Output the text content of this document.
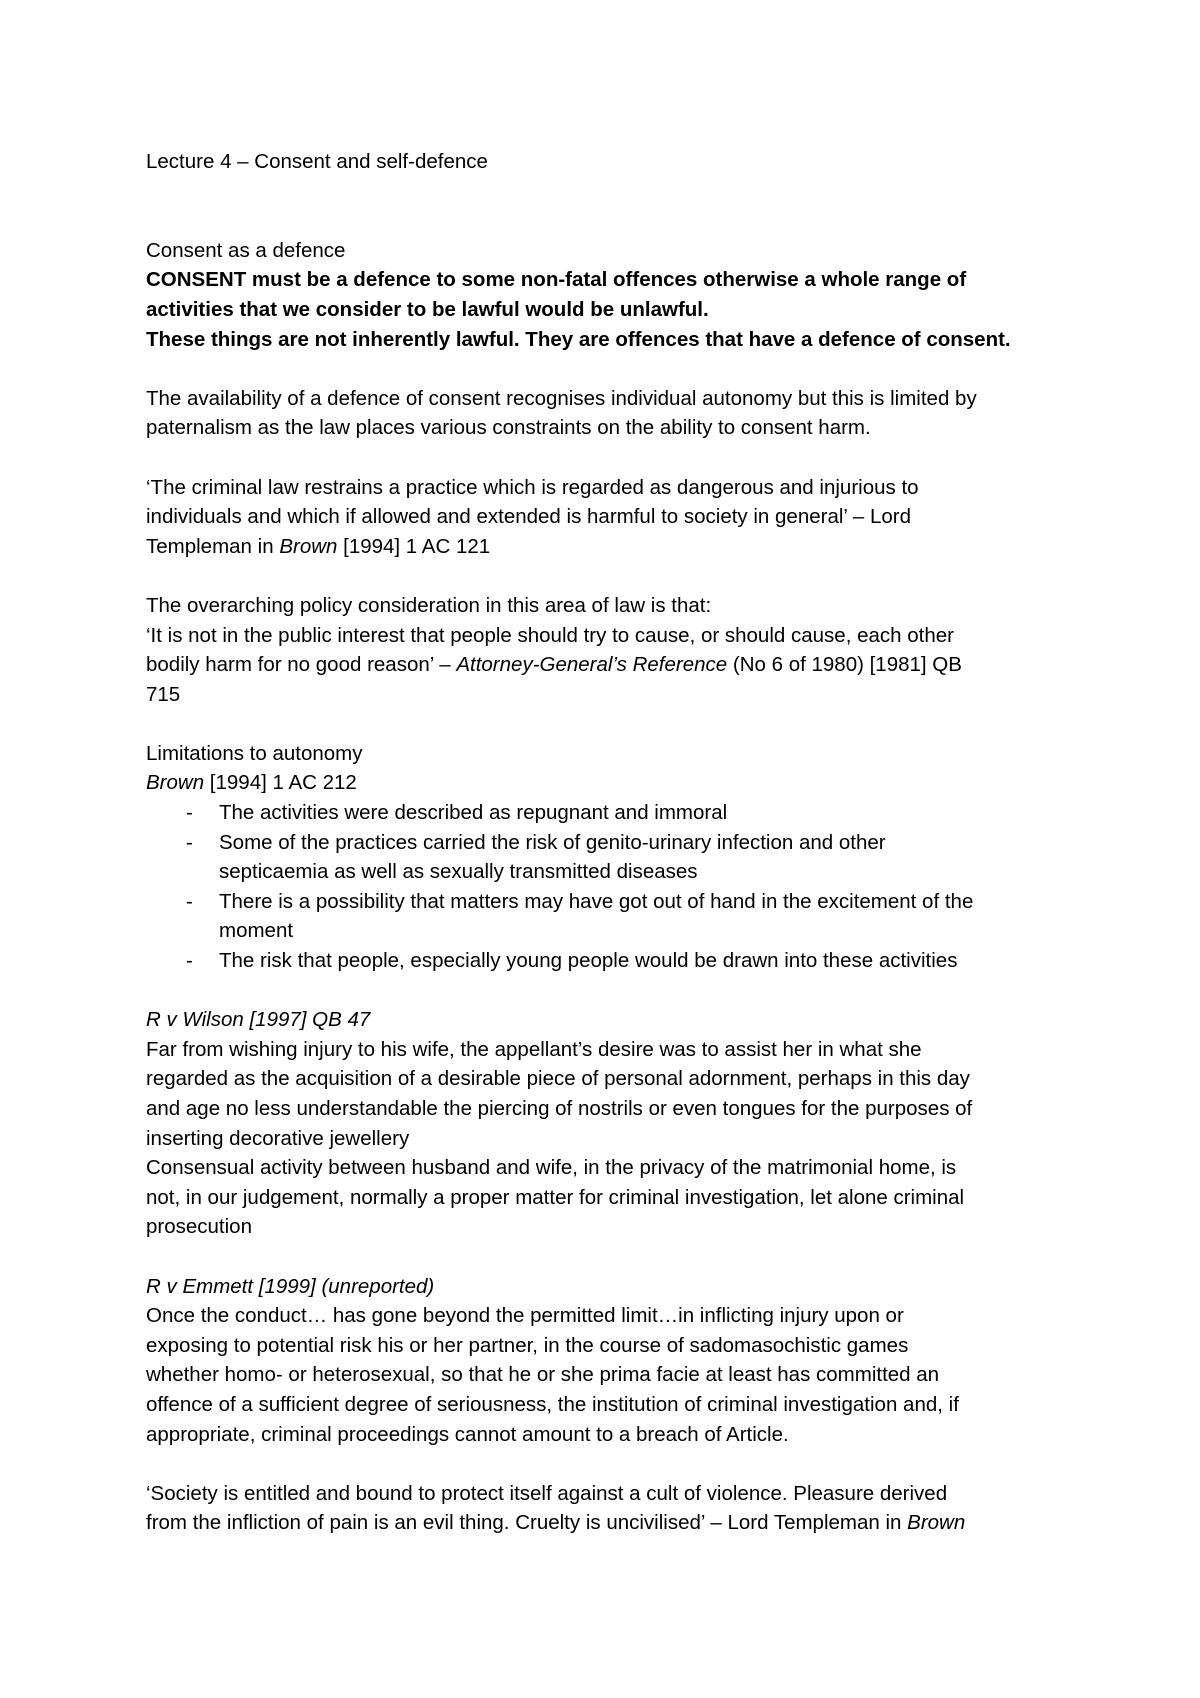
Lecture 4 – Consent and self-defence
Consent as a defence
CONSENT must be a defence to some non-fatal offences otherwise a whole range of
activities that we consider to be lawful would be unlawful.
These things are not inherently lawful. They are offences that have a defence of consent.
The availability of a defence of consent recognises individual autonomy but this is limited by
paternalism as the law places various constraints on the ability to consent harm.
‘The criminal law restrains a practice which is regarded as dangerous and injurious to
individuals and which if allowed and extended is harmful to society in general’ – Lord
Templeman in Brown [1994] 1 AC 121
The overarching policy consideration in this area of law is that:
‘It is not in the public interest that people should try to cause, or should cause, each other
bodily harm for no good reason’ – Attorney-General’s Reference (No 6 of 1980) [1981] QB
715
Limitations to autonomy
Brown [1994] 1 AC 212
- The activities were described as repugnant and immoral
- Some of the practices carried the risk of genito-urinary infection and other
septicaemia as well as sexually transmitted diseases
- There is a possibility that matters may have got out of hand in the excitement of the
moment
- The risk that people, especially young people would be drawn into these activities
R v Wilson [1997] QB 47
Far from wishing injury to his wife, the appellant’s desire was to assist her in what she
regarded as the acquisition of a desirable piece of personal adornment, perhaps in this day
and age no less understandable the piercing of nostrils or even tongues for the purposes of
inserting decorative jewellery
Consensual activity between husband and wife, in the privacy of the matrimonial home, is
not, in our judgement, normally a proper matter for criminal investigation, let alone criminal
prosecution
R v Emmett [1999] (unreported)
Once the conduct… has gone beyond the permitted limit…in inflicting injury upon or
exposing to potential risk his or her partner, in the course of sadomasochistic games
whether homo- or heterosexual, so that he or she prima facie at least has committed an
offence of a sufficient degree of seriousness, the institution of criminal investigation and, if
appropriate, criminal proceedings cannot amount to a breach of Article.
‘Society is entitled and bound to protect itself against a cult of violence. Pleasure derived
from the infliction of pain is an evil thing. Cruelty is uncivilised’ – Lord Templeman in Brown
